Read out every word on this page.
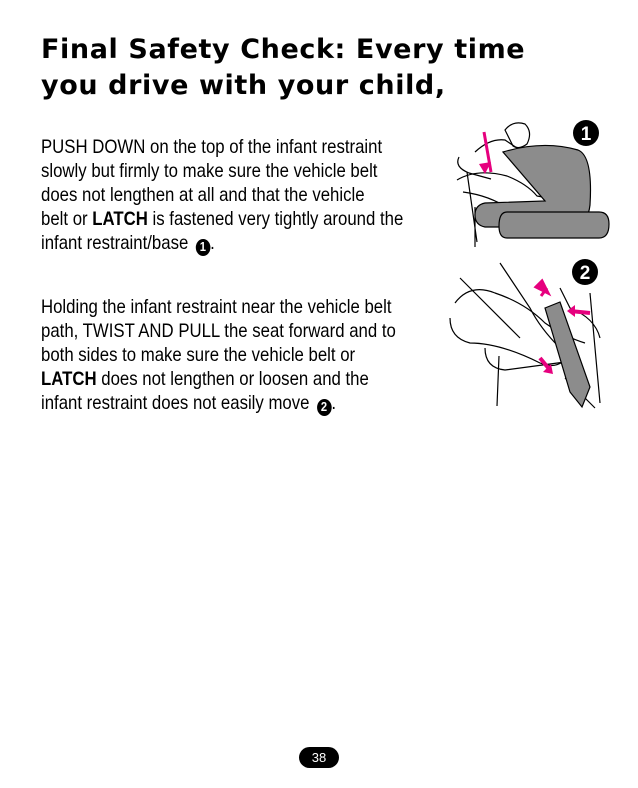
Final Safety Check: Every time
you drive with your child,
PUSH DOWN on the top of the infant restraint
slowly but firmly to make sure the vehicle belt
does not lengthen at all and that the vehicle
belt or LATCH is fastened very tightly around the
infant restraint/base 1 .
Holding the infant restraint near the vehicle belt
path, TWIST AND PULL the seat forward and to
both sides to make sure the vehicle belt or
LATCH does not lengthen or loosen and the
infant restraint does not easily move 2 .
1
2
38
